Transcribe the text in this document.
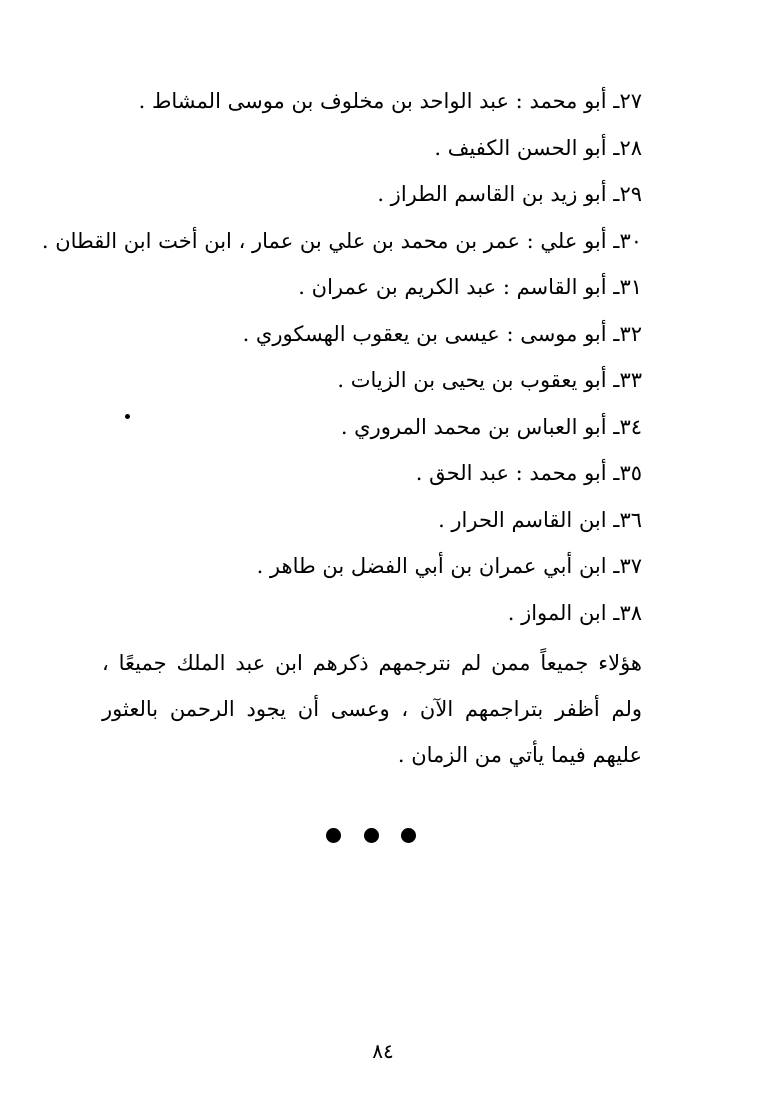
٢٧ـ أبو محمد : عبد الواحد بن مخلوف بن موسى المشاط .
٢٨ـ أبو الحسن الكفيف .
٢٩ـ أبو زيد بن القاسم الطراز .
٣٠ـ أبو علي : عمر بن محمد بن علي بن عمار ، ابن أخت ابن القطان .
٣١ـ أبو القاسم : عبد الكريم بن عمران .
٣٢ـ أبو موسى : عيسى بن يعقوب الهسكوري .
٣٣ـ أبو يعقوب بن يحيى بن الزيات .
٣٤ـ أبو العباس بن محمد المروري .
٣٥ـ أبو محمد : عبد الحق .
٣٦ـ ابن القاسم الحرار .
٣٧ـ ابن أبي عمران بن أبي الفضل بن طاهر .
٣٨ـ ابن المواز .

هؤلاء جميعاً ممن لم نترجمهم ذكرهم ابن عبد الملك جميعًا ، ولم أظفر بتراجمهم الآن ، وعسى أن يجود الرحمن بالعثور عليهم فيما يأتي من الزمان .

٨٤
